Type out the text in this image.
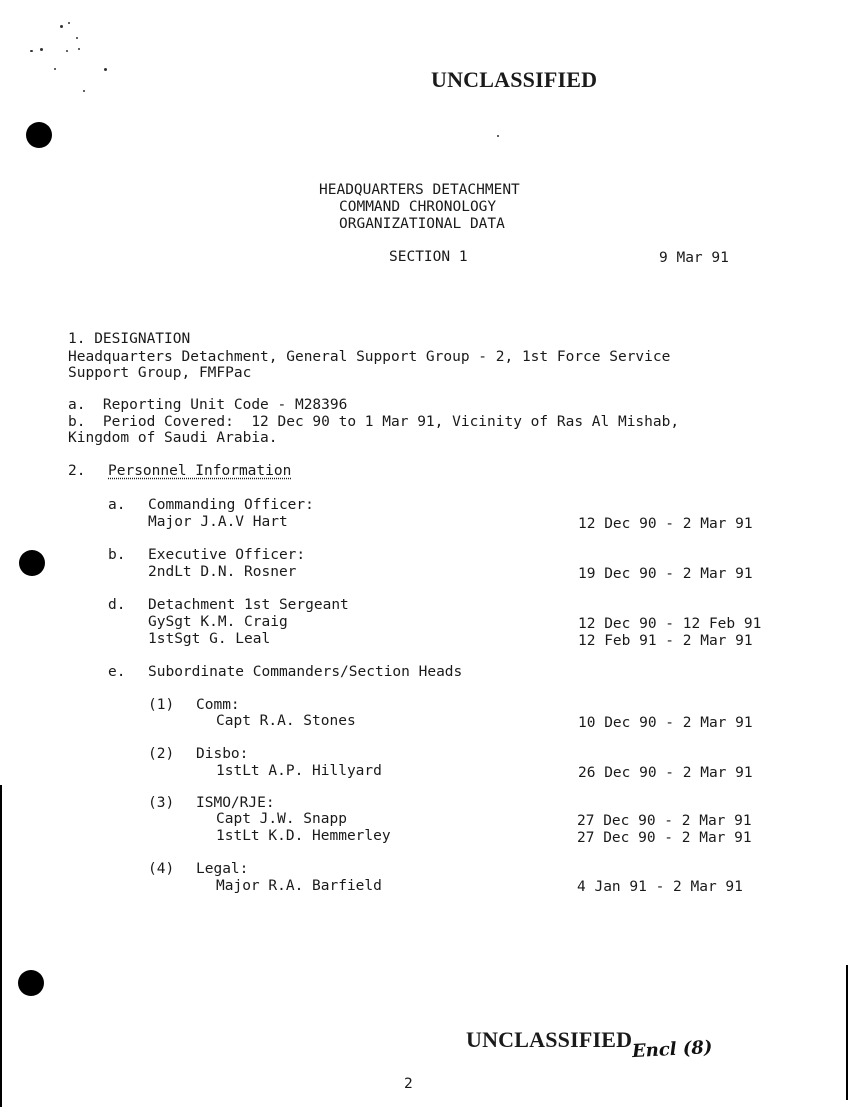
UNCLASSIFIED
HEADQUARTERS DETACHMENT
COMMAND CHRONOLOGY
ORGANIZATIONAL DATA
SECTION 1	9 Mar 91
1. DESIGNATION
Headquarters Detachment, General Support Group - 2, 1st Force Service
Support Group, FMFPac
a.  Reporting Unit Code - M28396
b.  Period Covered:  12 Dec 90 to 1 Mar 91, Vicinity of Ras Al Mishab,
Kingdom of Saudi Arabia.
2. Personnel Information
a. Commanding Officer:
Major J.A.V Hart	12 Dec 90 - 2 Mar 91
b. Executive Officer:
2ndLt D.N. Rosner	19 Dec 90 - 2 Mar 91
d. Detachment 1st Sergeant
GySgt K.M. Craig	12 Dec 90 - 12 Feb 91
1stSgt G. Leal	12 Feb 91 - 2 Mar 91
e. Subordinate Commanders/Section Heads
(1) Comm:
Capt R.A. Stones	10 Dec 90 - 2 Mar 91
(2) Disbo:
1stLt A.P. Hillyard	26 Dec 90 - 2 Mar 91
(3) ISMO/RJE:
Capt J.W. Snapp	27 Dec 90 - 2 Mar 91
1stLt K.D. Hemmerley	27 Dec 90 - 2 Mar 91
(4) Legal:
Major R.A. Barfield	4 Jan 91 - 2 Mar 91
UNCLASSIFIED Encl (8)
2
